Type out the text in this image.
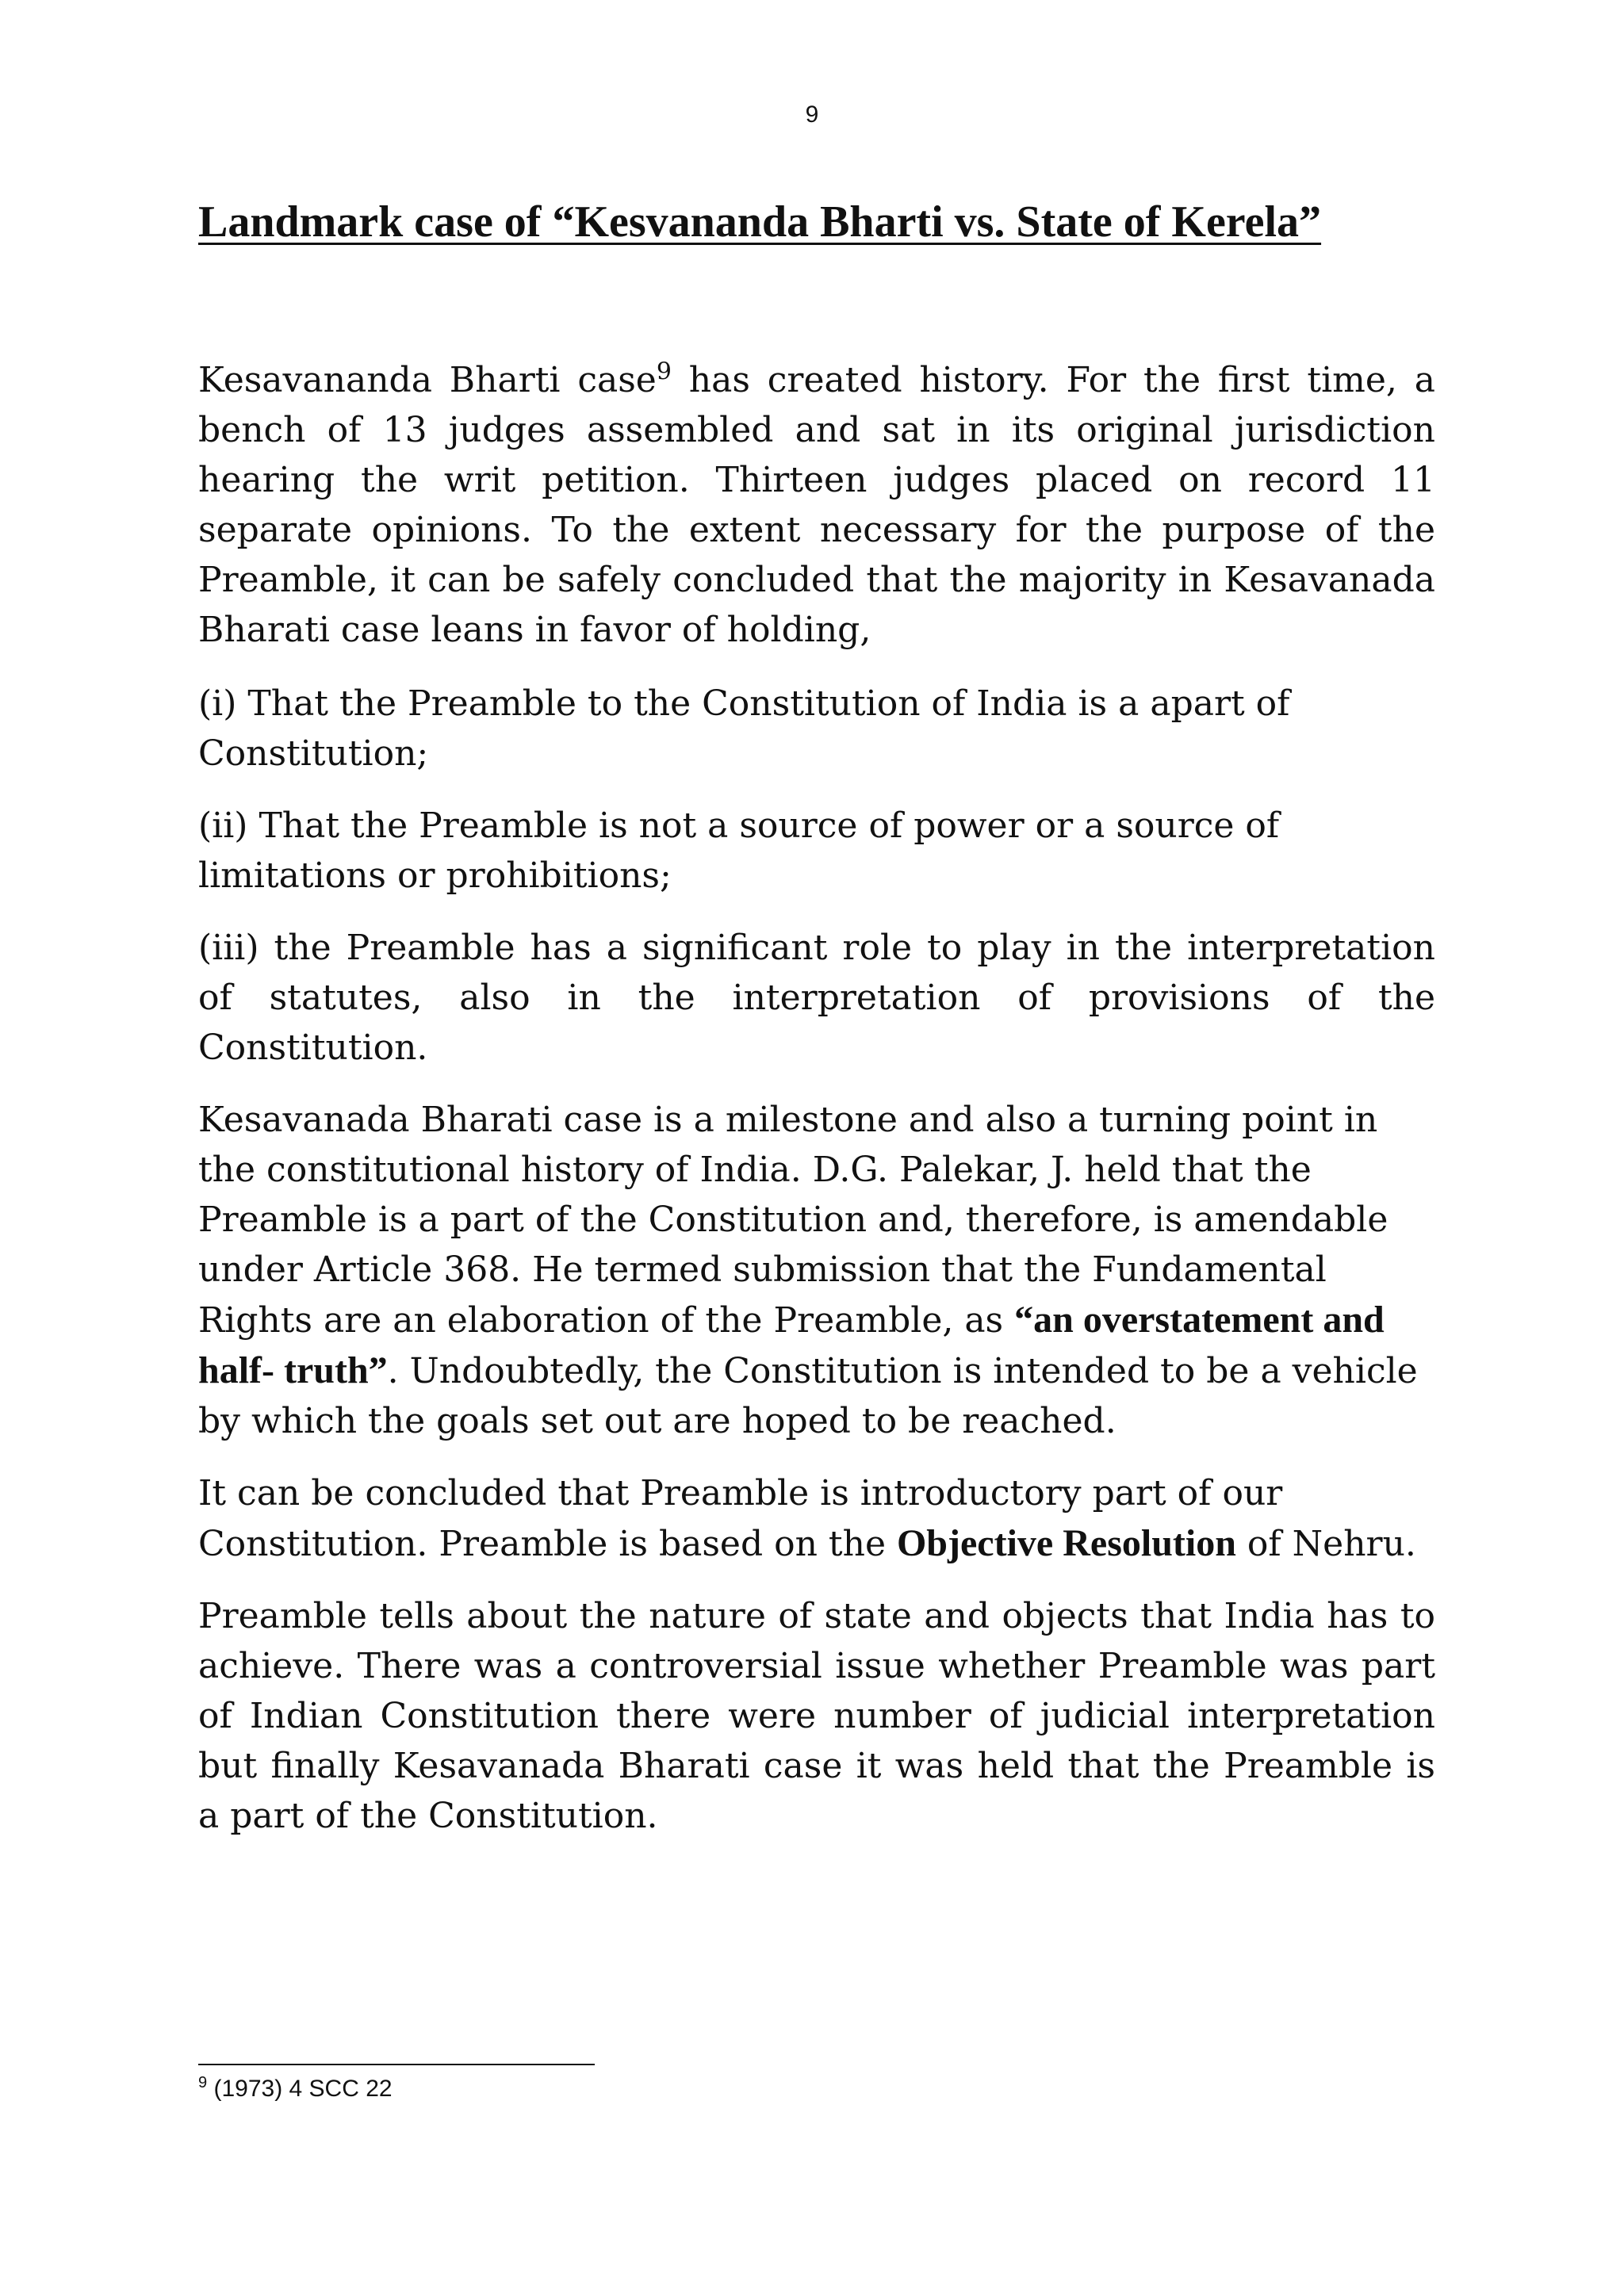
9
Landmark case of “Kesvananda Bharti vs. State of Kerela”

Kesavananda Bharti case$^9$ has created history. For the first time, a bench of 13 judges assembled and sat in its original jurisdiction hearing the writ petition. Thirteen judges placed on record 11 separate opinions. To the extent necessary for the purpose of the Preamble, it can be safely concluded that the majority in Kesavanada Bharati case leans in favor of holding,

(i) That the Preamble to the Constitution of India is a apart of Constitution;

(ii) That the Preamble is not a source of power or a source of limitations or prohibitions;

(iii) the Preamble has a significant role to play in the interpretation of statutes, also in the interpretation of provisions of the Constitution.

Kesavanada Bharati case is a milestone and also a turning point in the constitutional history of India. D.G. Palekar, J. held that the Preamble is a part of the Constitution and, therefore, is amendable under Article 368. He termed submission that the Fundamental Rights are an elaboration of the Preamble, as “an overstatement and half- truth”. Undoubtedly, the Constitution is intended to be a vehicle by which the goals set out are hoped to be reached.

It can be concluded that Preamble is introductory part of our Constitution. Preamble is based on the Objective Resolution of Nehru.

Preamble tells about the nature of state and objects that India has to achieve. There was a controversial issue whether Preamble was part of Indian Constitution there were number of judicial interpretation but finally Kesavanada Bharati case it was held that the Preamble is a part of the Constitution.

$^9$ (1973) 4 SCC 22
